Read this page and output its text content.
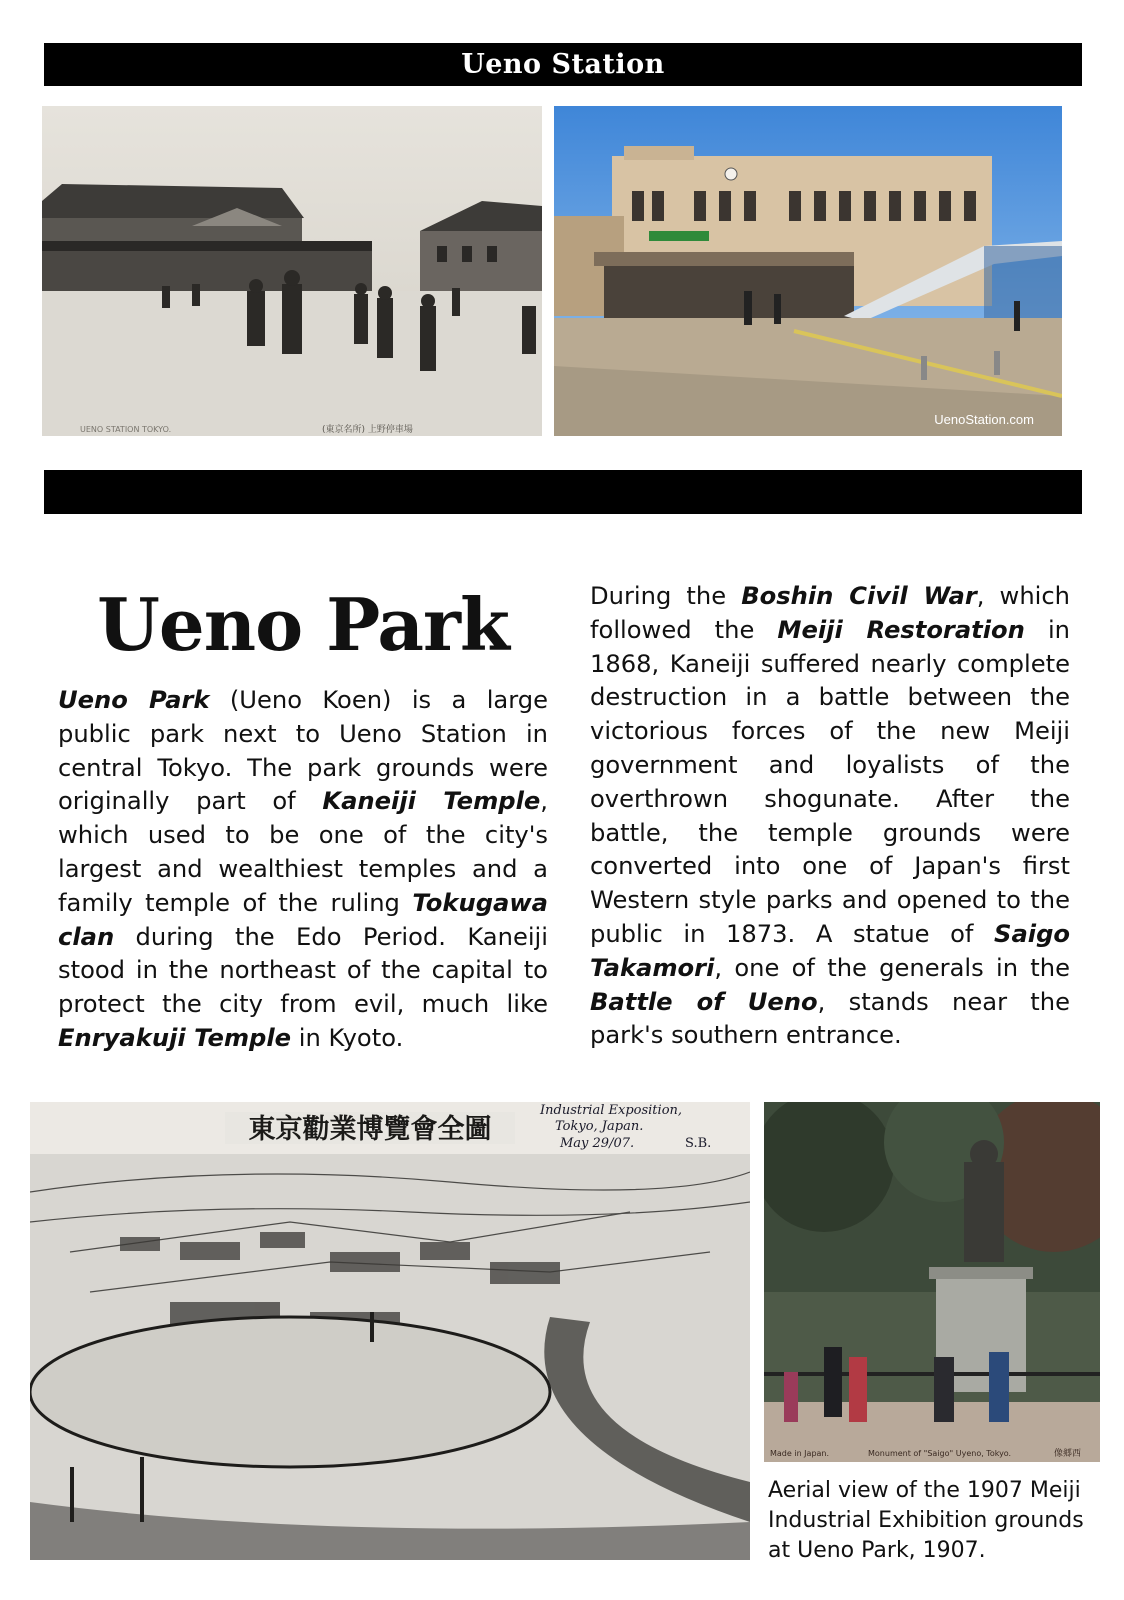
Ueno Station
UENO STATION TOKYO.	(東京名所) 上野停車場
UenoStation.com
Ueno Park

Ueno Park (Ueno Koen) is a large public park next to Ueno Station in central Tokyo. The park grounds were originally part of Kaneiji Temple, which used to be one of the city's largest and wealthiest temples and a family temple of the ruling Tokugawa clan during the Edo Period. Kaneiji stood in the northeast of the capital to protect the city from evil, much like Enryakuji Temple in Kyoto.

During the Boshin Civil War, which followed the Meiji Restoration in 1868, Kaneiji suffered nearly complete destruction in a battle between the victorious forces of the new Meiji government and loyalists of the overthrown shogunate. After the battle, the temple grounds were converted into one of Japan's first Western style parks and opened to the public in 1873. A statue of Saigo Takamori, one of the generals in the Battle of Ueno, stands near the park's southern entrance.

東京勸業博覽會全圖
Industrial Exposition,
Tokyo, Japan.
May 29/07.	S.B.
Made in Japan.	Monument of "Saigo" Uyeno, Tokyo.	像郷西

Aerial view of the 1907 Meiji Industrial Exhibition grounds at Ueno Park, 1907.
